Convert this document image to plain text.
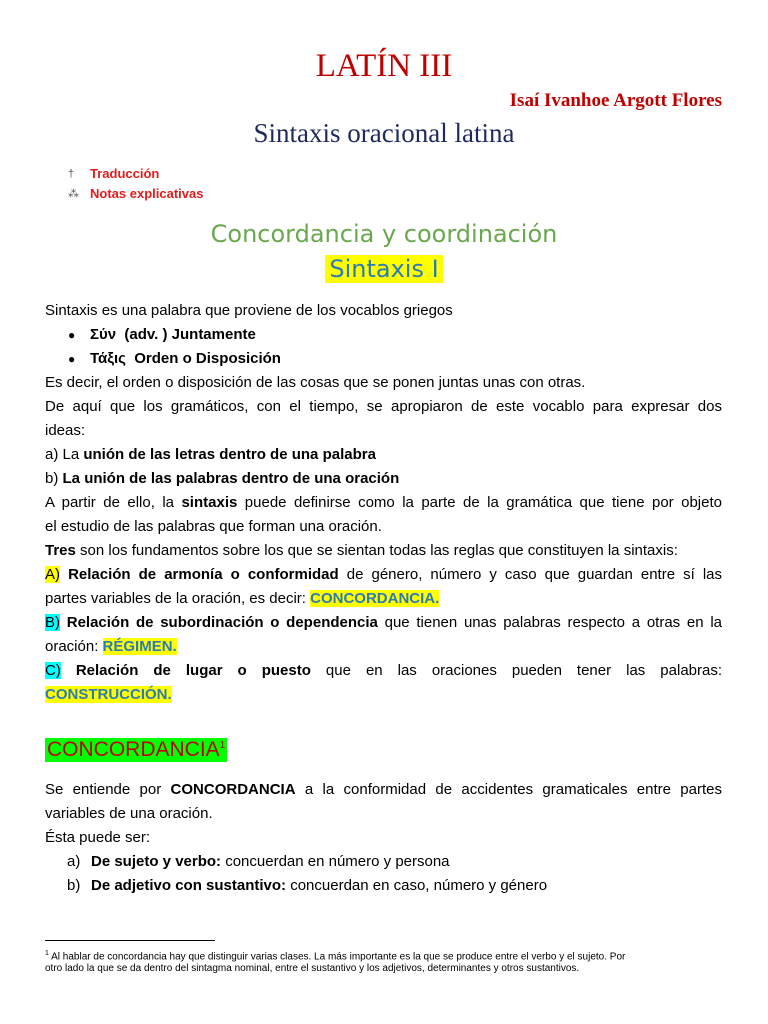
LATÍN III
Isaí Ivanhoe Argott Flores
Sintaxis oracional latina
†	Traducción
⁂ Notas explicativas
Concordancia y coordinación
Sintaxis I
Sintaxis es una palabra que proviene de los vocablos griegos
● Σύν (adv. ) Juntamente
● Τάξις Orden o Disposición
Es decir, el orden o disposición de las cosas que se ponen juntas unas con otras.
De aquí que los gramáticos, con el tiempo, se apropiaron de este vocablo para expresar dos
ideas:
a) La unión de las letras dentro de una palabra
b) La unión de las palabras dentro de una oración
A partir de ello, la sintaxis puede definirse como la parte de la gramática que tiene por objeto
el estudio de las palabras que forman una oración.
Tres son los fundamentos sobre los que se sientan todas las reglas que constituyen la sintaxis:
A) Relación de armonía o conformidad de género, número y caso que guardan entre sí las
partes variables de la oración, es decir: CONCORDANCIA.
B) Relación de subordinación o dependencia que tienen unas palabras respecto a otras en la
oración: RÉGIMEN.
C) Relación de lugar o puesto que en las oraciones pueden tener las palabras:
CONSTRUCCIÓN.
CONCORDANCIA$^1$
Se entiende por CONCORDANCIA a la conformidad de accidentes gramaticales entre partes
variables de una oración.
Ésta puede ser:
a) De sujeto y verbo: concuerdan en número y persona
b) De adjetivo con sustantivo: concuerdan en caso, número y género
$^1$ Al hablar de concordancia hay que distinguir varias clases. La más importante es la que se produce entre el verbo y el sujeto. Por
otro lado la que se da dentro del sintagma nominal, entre el sustantivo y los adjetivos, determinantes y otros sustantivos.
